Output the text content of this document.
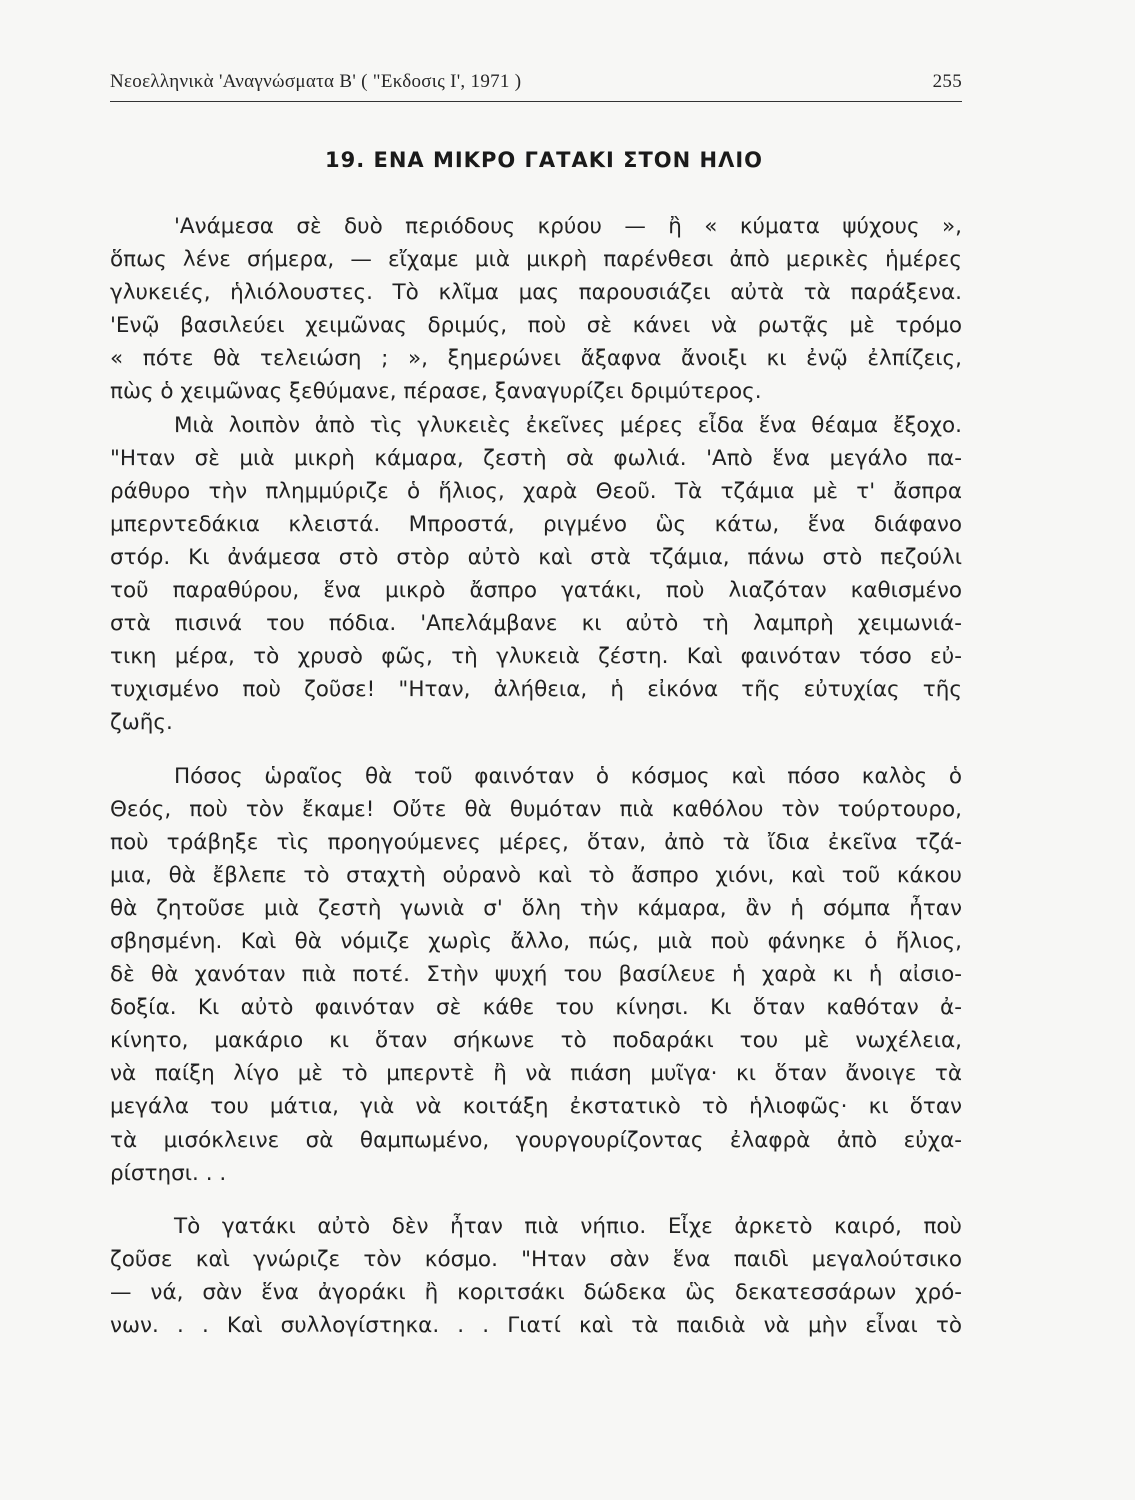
Νεοελληνικὰ 'Αναγνώσματα Β' ( "Εκδοσις Ι', 1971 )	255
19. ΕΝΑ ΜΙΚΡΟ ΓΑΤΑΚΙ ΣΤΟΝ ΗΛΙΟ
'Ανάμεσα σὲ δυὸ περιόδους κρύου — ἢ « κύματα ψύχους »,
ὅπως λένε σήμερα, — εἴχαμε μιὰ μικρὴ παρένθεσι ἀπὸ μερικὲς ἡμέρες
γλυκειές, ἡλιόλουστες. Τὸ κλῖμα μας παρουσιάζει αὐτὰ τὰ παράξενα.
'Ενῷ βασιλεύει χειμῶνας δριμύς, ποὺ σὲ κάνει νὰ ρωτᾷς μὲ τρόμο
« πότε θὰ τελειώση ; », ξημερώνει ἄξαφνα ἄνοιξι κι ἐνῷ ἐλπίζεις,
πὼς ὁ χειμῶνας ξεθύμανε, πέρασε, ξαναγυρίζει δριμύτερος.
Μιὰ λοιπὸν ἀπὸ τὶς γλυκειὲς ἐκεῖνες μέρες εἶδα ἕνα θέαμα ἔξοχο.
"Ηταν σὲ μιὰ μικρὴ κάμαρα, ζεστὴ σὰ φωλιά. 'Απὸ ἕνα μεγάλο πα-
ράθυρο τὴν πλημμύριζε ὁ ἥλιος, χαρὰ Θεοῦ. Τὰ τζάμια μὲ τ' ἄσπρα
μπερντεδάκια κλειστά. Μπροστά, ριγμένο ὣς κάτω, ἕνα διάφανο
στόρ. Κι ἀνάμεσα στὸ στὸρ αὐτὸ καὶ στὰ τζάμια, πάνω στὸ πεζούλι
τοῦ παραθύρου, ἕνα μικρὸ ἄσπρο γατάκι, ποὺ λιαζόταν καθισμένο
στὰ πισινά του πόδια. 'Απελάμβανε κι αὐτὸ τὴ λαμπρὴ χειμωνιά-
τικη μέρα, τὸ χρυσὸ φῶς, τὴ γλυκειὰ ζέστη. Καὶ φαινόταν τόσο εὐ-
τυχισμένο ποὺ ζοῦσε! "Ηταν, ἀλήθεια, ἡ εἰκόνα τῆς εὐτυχίας τῆς
ζωῆς.
Πόσος ὡραῖος θὰ τοῦ φαινόταν ὁ κόσμος καὶ πόσο καλὸς ὁ
Θεός, ποὺ τὸν ἔκαμε! Οὔτε θὰ θυμόταν πιὰ καθόλου τὸν τούρτουρο,
ποὺ τράβηξε τὶς προηγούμενες μέρες, ὅταν, ἀπὸ τὰ ἴδια ἐκεῖνα τζά-
μια, θὰ ἔβλεπε τὸ σταχτὴ οὐρανὸ καὶ τὸ ἄσπρο χιόνι, καὶ τοῦ κάκου
θὰ ζητοῦσε μιὰ ζεστὴ γωνιὰ σ' ὅλη τὴν κάμαρα, ἂν ἡ σόμπα ἦταν
σβησμένη. Καὶ θὰ νόμιζε χωρὶς ἄλλο, πώς, μιὰ ποὺ φάνηκε ὁ ἥλιος,
δὲ θὰ χανόταν πιὰ ποτέ. Στὴν ψυχή του βασίλευε ἡ χαρὰ κι ἡ αἰσιο-
δοξία. Κι αὐτὸ φαινόταν σὲ κάθε του κίνησι. Κι ὅταν καθόταν ἀ-
κίνητο, μακάριο κι ὅταν σήκωνε τὸ ποδαράκι του μὲ νωχέλεια,
νὰ παίξη λίγο μὲ τὸ μπερντὲ ἢ νὰ πιάση μυῖγα· κι ὅταν ἄνοιγε τὰ
μεγάλα του μάτια, γιὰ νὰ κοιτάξη ἐκστατικὸ τὸ ἡλιοφῶς· κι ὅταν
τὰ μισόκλεινε σὰ θαμπωμένο, γουργουρίζοντας ἐλαφρὰ ἀπὸ εὐχα-
ρίστησι. . .
Τὸ γατάκι αὐτὸ δὲν ἦταν πιὰ νήπιο. Εἶχε ἀρκετὸ καιρό, ποὺ
ζοῦσε καὶ γνώριζε τὸν κόσμο. "Ηταν σὰν ἕνα παιδὶ μεγαλούτσικο
— νά, σὰν ἕνα ἀγοράκι ἢ κοριτσάκι δώδεκα ὣς δεκατεσσάρων χρό-
νων. . . Καὶ συλλογίστηκα. . . Γιατί καὶ τὰ παιδιὰ νὰ μὴν εἶναι τὸ
